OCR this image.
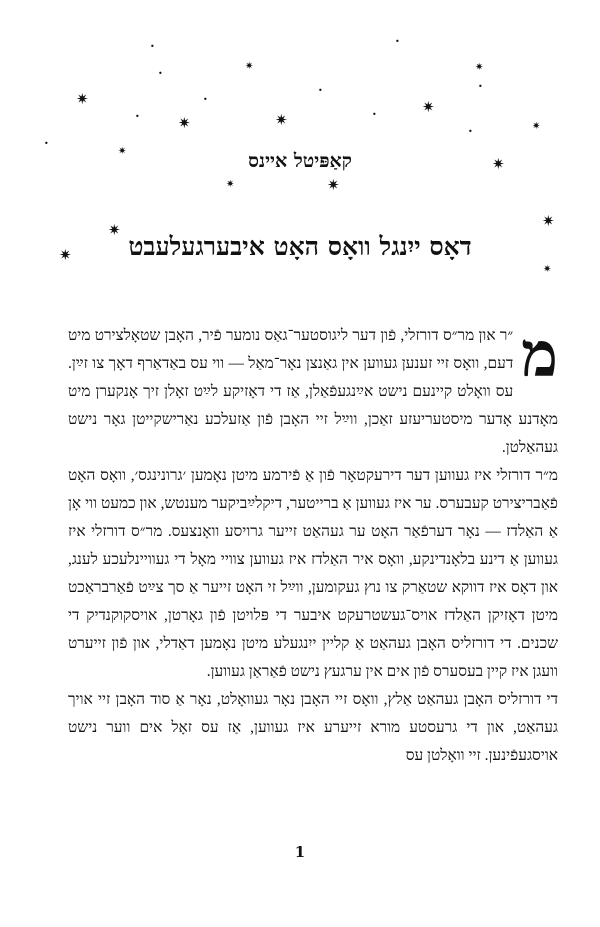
✷
✷	✷
✷
✷
✷
✷
✷
✷
✷
✷	✷
✷
✷
✷
•
•
•
•
•
•
•
•
•
•
קאַפּיטל איינס
דאָס ייִנגל וואָס האָט איבערגעלעבט

מ
״ר און מר״ס דורזלי, פֿון דער ליגוסטער־גאַס נומער פֿיר, האָבן שטאָלצירט מיט דעם, וואָס זיי זענען געווען אין גאַנצן נאָר־מאַל — ווי עס באַדאַרף דאָך צו זײַן. עס וואָלט קיינעם נישט אײַנגעפֿאַלן, אַז די דאָזיקע לײַט זאָלן זיך אָנקערן מיט מאָדנע אָדער מיסטעריעזע זאַכן, ווײַל זיי האָבן פֿון אַזעלכע נאַרישקייטן גאָר נישט געהאַלטן.

מ״ר דורזלי איז געווען דער דירעקטאָר פֿון אַ פֿירמע מיטן נאָמען ׳גרונינגס׳, וואָס האָט פֿאַבריצירט קעבערס. ער איז געווען אַ ברייטער, דיקלײַביקער מענטש, און כמעט ווי אָן אַ האַלדז — נאָר דערפֿאַר האָט ער געהאַט זייער גרויסע וואָנצעס. מר״ס דורזלי איז געווען אַ דינע בלאָנדינקע, וואָס איר האַלדז איז געווען צוויי מאָל די געוויינלעכע לענג, און דאָס איז דווקא שטאַרק צו נוץ געקומען, ווײַל זי האָט זייער אַ סך צײַט פֿאַרבראַכט מיטן דאָזיקן האַלדז אויס־געשטרעקט איבער די פּלויטן פֿון גאָרטן, אויסקוקנדיק די שכנים. די דורזליס האָבן געהאַט אַ קליין ייִנגעלע מיטן נאָמען דאַדלי, און פֿון זייערט וועגן איז קיין בעסערס פֿון אים אין ערגעץ נישט פֿאַראַן געווען.

די דורזליס האָבן געהאַט אַלץ, וואָס זיי האָבן נאָר געוואָלט, נאָר אַ סוד האָבן זיי אויך געהאַט, און די גרעסטע מורא זייערע איז געווען, אַז עס זאָל אים ווער נישט אויסגעפֿינען. זיי וואָלטן עס

1
